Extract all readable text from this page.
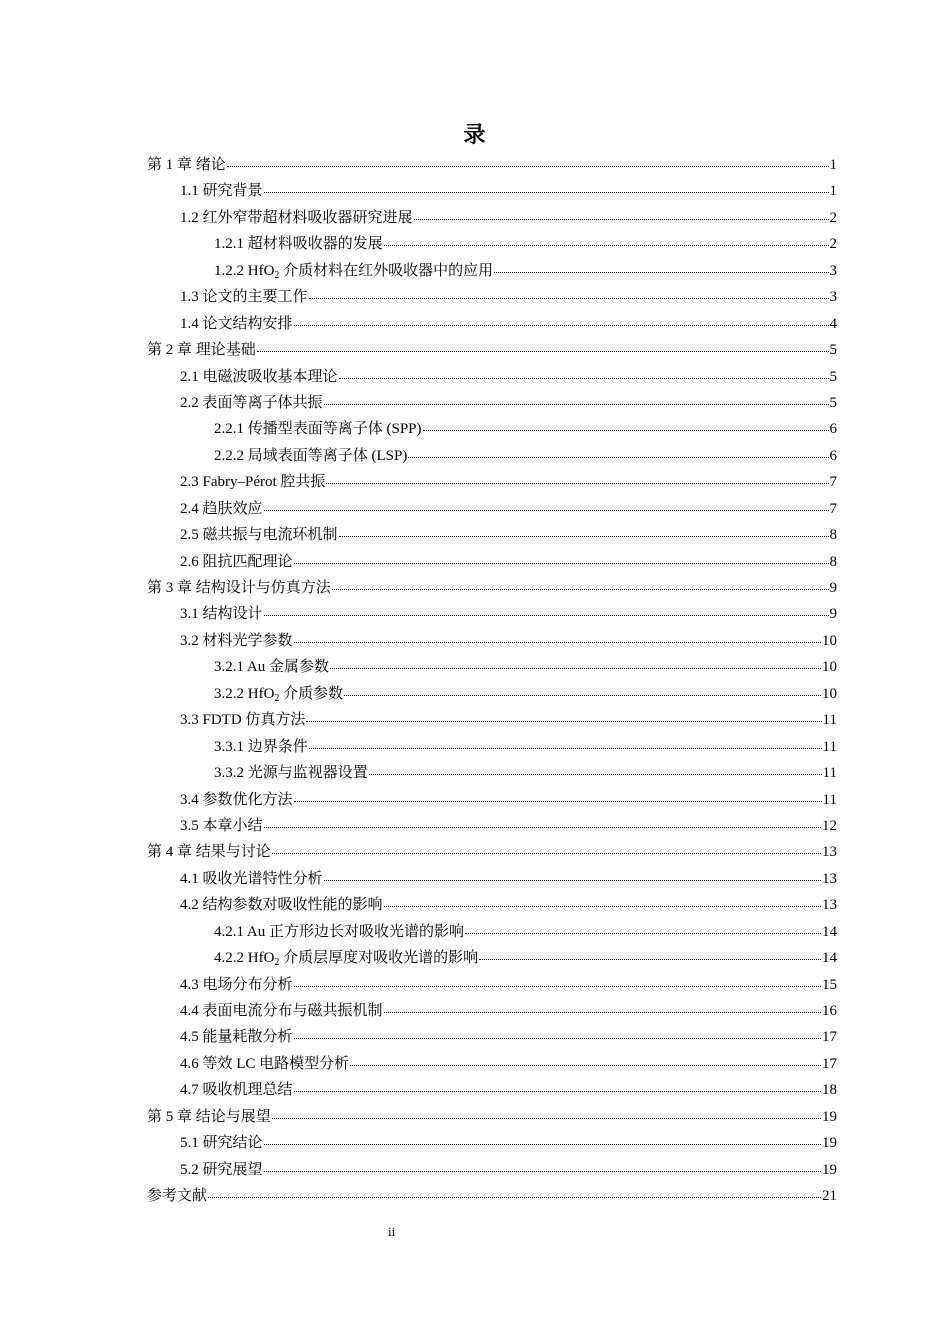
录
第 1 章 绪论	1
1.1 研究背景	1
1.2 红外窄带超材料吸收器研究进展	2
1.2.1 超材料吸收器的发展	2
1.2.2 HfO$_2$ 介质材料在红外吸收器中的应用	3
1.3 论文的主要工作	3
1.4 论文结构安排	4
第 2 章 理论基础	5
2.1 电磁波吸收基本理论	5
2.2 表面等离子体共振	5
2.2.1 传播型表面等离子体 (SPP)	6
2.2.2 局域表面等离子体 (LSP)	6
2.3 Fabry–Pérot 腔共振	7
2.4 趋肤效应	7
2.5 磁共振与电流环机制	8
2.6 阻抗匹配理论	8
第 3 章 结构设计与仿真方法	9
3.1 结构设计	9
3.2 材料光学参数	10
3.2.1 Au 金属参数	10
3.2.2 HfO$_2$ 介质参数	10
3.3 FDTD 仿真方法	11
3.3.1 边界条件	11
3.3.2 光源与监视器设置	11
3.4 参数优化方法	11
3.5 本章小结	12
第 4 章 结果与讨论	13
4.1 吸收光谱特性分析	13
4.2 结构参数对吸收性能的影响	13
4.2.1 Au 正方形边长对吸收光谱的影响	14
4.2.2 HfO$_2$ 介质层厚度对吸收光谱的影响	14
4.3 电场分布分析	15
4.4 表面电流分布与磁共振机制	16
4.5 能量耗散分析	17
4.6 等效 LC 电路模型分析	17
4.7 吸收机理总结	18
第 5 章 结论与展望	19
5.1 研究结论	19
5.2 研究展望	19
参考文献	21
ii
